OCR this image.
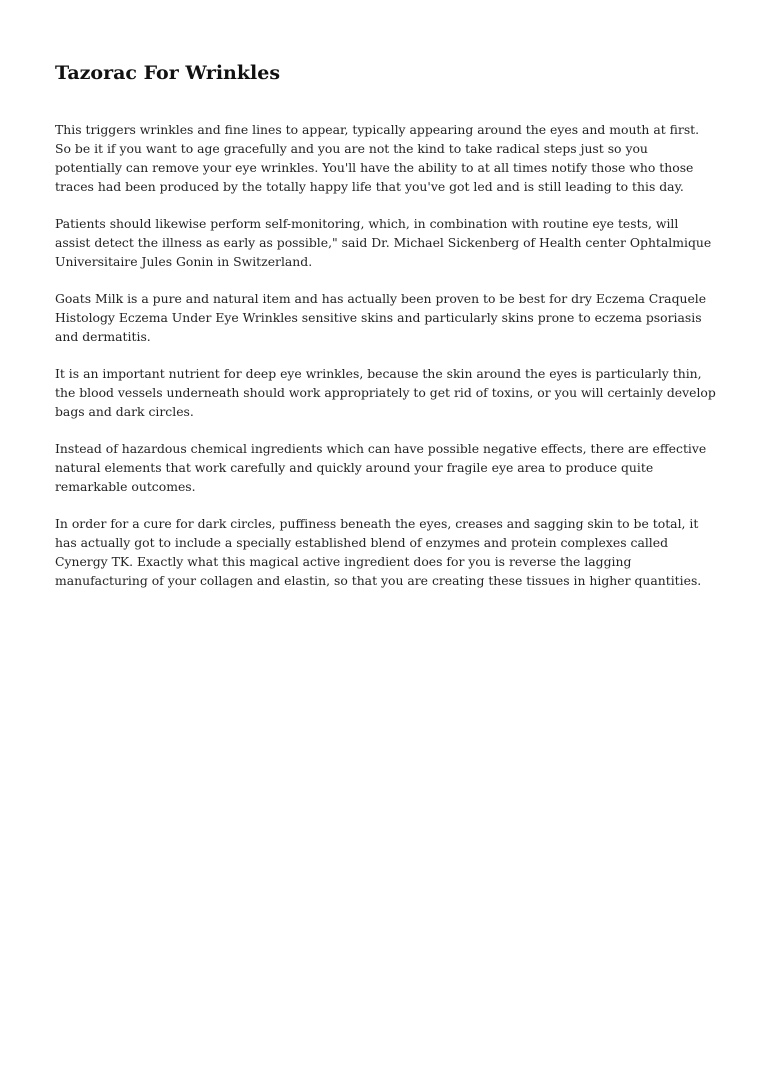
Tazorac For Wrinkles

This triggers wrinkles and fine lines to appear, typically appearing around the eyes and mouth at first. So be it if you want to age gracefully and you are not the kind to take radical steps just so you potentially can remove your eye wrinkles. You'll have the ability to at all times notify those who those traces had been produced by the totally happy life that you've got led and is still leading to this day.

Patients should likewise perform self-monitoring, which, in combination with routine eye tests, will assist detect the illness as early as possible," said Dr. Michael Sickenberg of Health center Ophtalmique Universitaire Jules Gonin in Switzerland.

Goats Milk is a pure and natural item and has actually been proven to be best for dry Eczema Craquele Histology Eczema Under Eye Wrinkles sensitive skins and particularly skins prone to eczema psoriasis and dermatitis.

It is an important nutrient for deep eye wrinkles, because the skin around the eyes is particularly thin, the blood vessels underneath should work appropriately to get rid of toxins, or you will certainly develop bags and dark circles.

Instead of hazardous chemical ingredients which can have possible negative effects, there are effective natural elements that work carefully and quickly around your fragile eye area to produce quite remarkable outcomes.

In order for a cure for dark circles, puffiness beneath the eyes, creases and sagging skin to be total, it has actually got to include a specially established blend of enzymes and protein complexes called Cynergy TK. Exactly what this magical active ingredient does for you is reverse the lagging manufacturing of your collagen and elastin, so that you are creating these tissues in higher quantities.
